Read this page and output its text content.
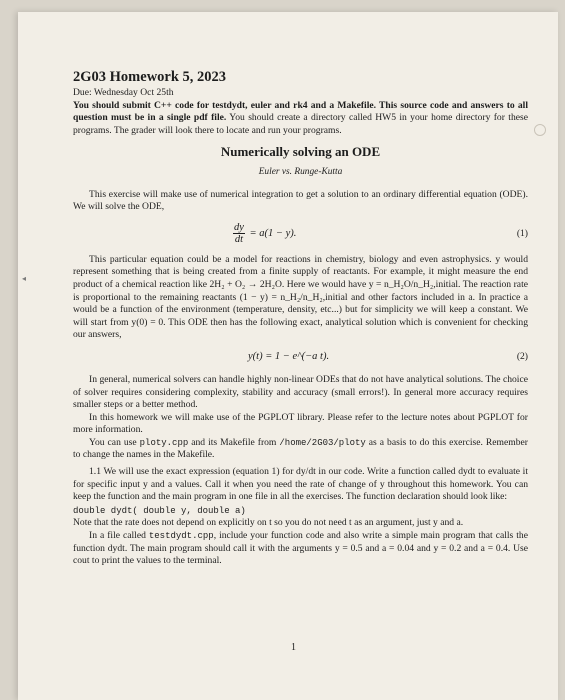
◂
2G03 Homework 5, 2023
Due: Wednesday Oct 25th

You should submit C++ code for testdydt, euler and rk4 and a Makefile. This source code and answers to all question must be in a single pdf file. You should create a directory called HW5 in your home directory for these programs. The grader will look there to locate and run your programs.

Numerically solving an ODE
Euler vs. Runge-Kutta

This exercise will make use of numerical integration to get a solution to an ordinary differential equation (ODE). We will solve the ODE,

$\frac{dy}{dt} = a(1 - y)$.	(1)

This particular equation could be a model for reactions in chemistry, biology and even astrophysics. y would represent something that is being created from a finite supply of reactants. For example, it might measure the end product of a chemical reaction like 2H₂ + O₂ → 2H₂O. Here we would have y = n_H₂O/n_H₂,initial. The reaction rate is proportional to the remaining reactants (1 − y) = n_H₂/n_H₂,initial and other factors included in a. In practice a would be a function of the environment (temperature, density, etc...) but for simplicity we will keep a constant. We will start from y(0) = 0. This ODE then has the following exact, analytical solution which is convenient for checking our answers,

y(t) = 1 − e^(−a t).	(2)

In general, numerical solvers can handle highly non-linear ODEs that do not have analytical solutions. The choice of solver requires considering complexity, stability and accuracy (small errors!). In general more accuracy requires smaller steps or a better method.

In this homework we will make use of the PGPLOT library. Please refer to the lecture notes about PGPLOT for more information.

You can use ploty.cpp and its Makefile from /home/2G03/ploty as a basis to do this exercise. Remember to change the names in the Makefile.

1.1 We will use the exact expression (equation 1) for dy/dt in our code. Write a function called dydt to evaluate it for specific input y and a values. Call it when you need the rate of change of y throughout this homework. You can keep the function and the main program in one file in all the exercises. The function declaration should look like:

double dydt( double y, double a)

Note that the rate does not depend on explicitly on t so you do not need t as an argument, just y and a.

In a file called testdydt.cpp, include your function code and also write a simple main program that calls the function dydt. The main program should call it with the arguments y = 0.5 and a = 0.04 and y = 0.2 and a = 0.4. Use cout to print the values to the terminal.

1
